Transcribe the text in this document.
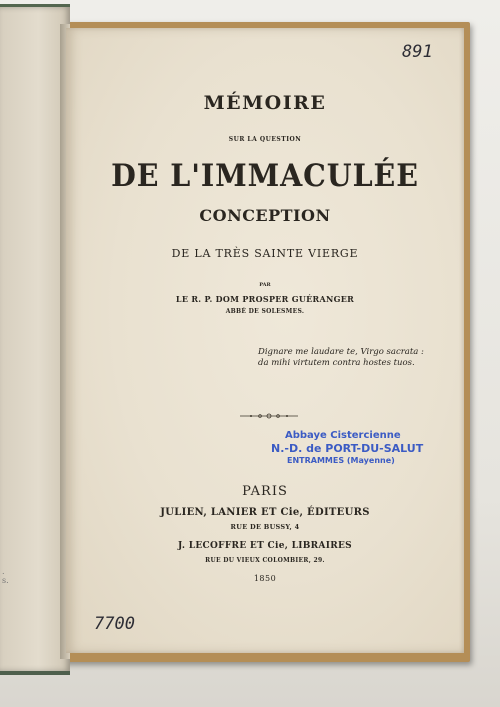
.
s.
891
MÉMOIRE
SUR LA QUESTION
DE L'IMMACULÉE
CONCEPTION
DE LA TRÈS SAINTE VIERGE
PAR
LE R. P. DOM PROSPER GUÉRANGER
ABBÉ DE SOLESMES.
Dignare me laudare te, Virgo sacrata :
da mihi virtutem contra hostes tuos.
Abbaye Cistercienne
N.-D. de PORT-DU-SALUT
ENTRAMMES (Mayenne)
PARIS
JULIEN, LANIER ET Cie, ÉDITEURS
RUE DE BUSSY, 4
J. LECOFFRE ET Cie, LIBRAIRES
RUE DU VIEUX COLOMBIER, 29.
1850
7700
